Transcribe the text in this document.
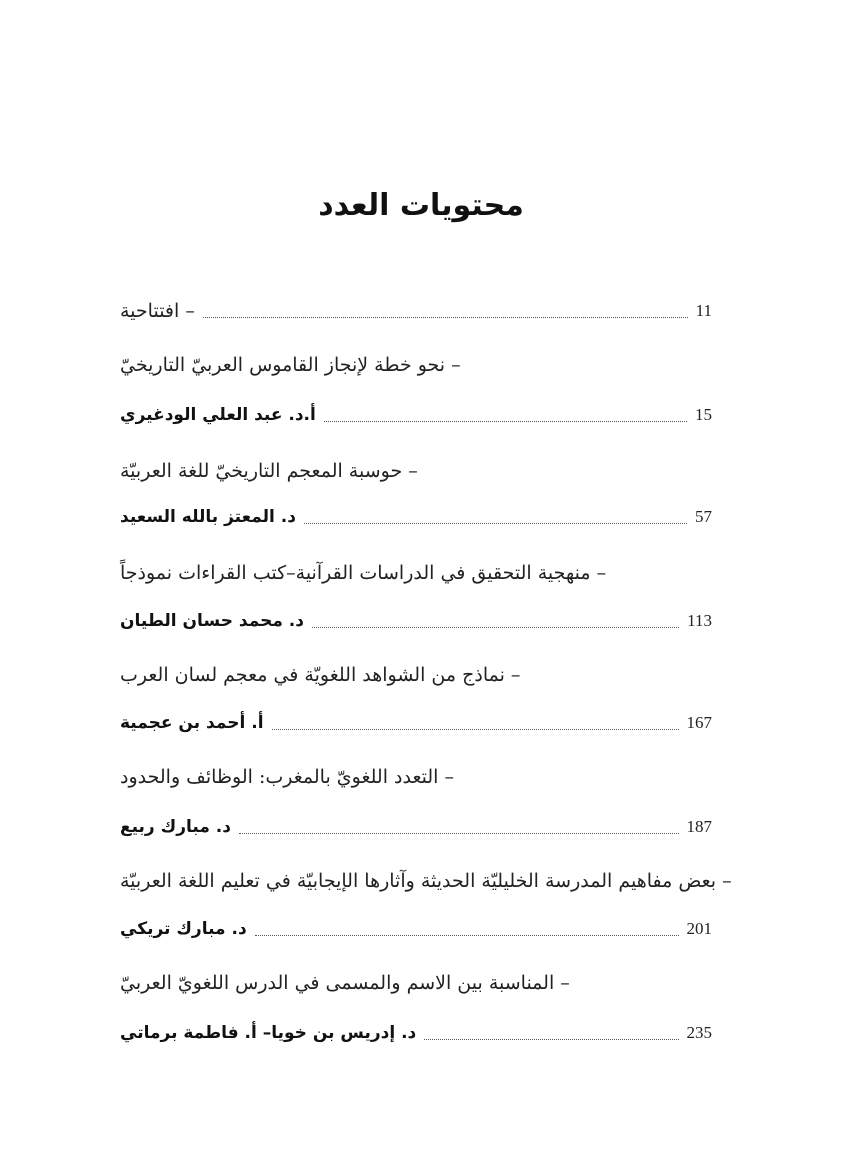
محتويات العدد
– افتتاحية	11
– نحو خطة لإنجاز القاموس العربيّ التاريخيّ
أ.د. عبد العلي الودغيري	15
– حوسبة المعجم التاريخيّ للغة العربيّة
د. المعتز بالله السعيد	57
– منهجية التحقيق في الدراسات القرآنية–كتب القراءات نموذجاً
د. محمد حسان الطيان	113
– نماذج من الشواهد اللغويّة في معجم لسان العرب
أ. أحمد بن عجمية	167
– التعدد اللغويّ بالمغرب: الوظائف والحدود
د. مبارك ربيع	187
– بعض مفاهيم المدرسة الخليليّة الحديثة وآثارها الإيجابيّة في تعليم اللغة العربيّة
د. مبارك تريكي	201
– المناسبة بين الاسم والمسمى في الدرس اللغويّ العربيّ
د. إدريس بن خويا– أ. فاطمة برماتي	235
